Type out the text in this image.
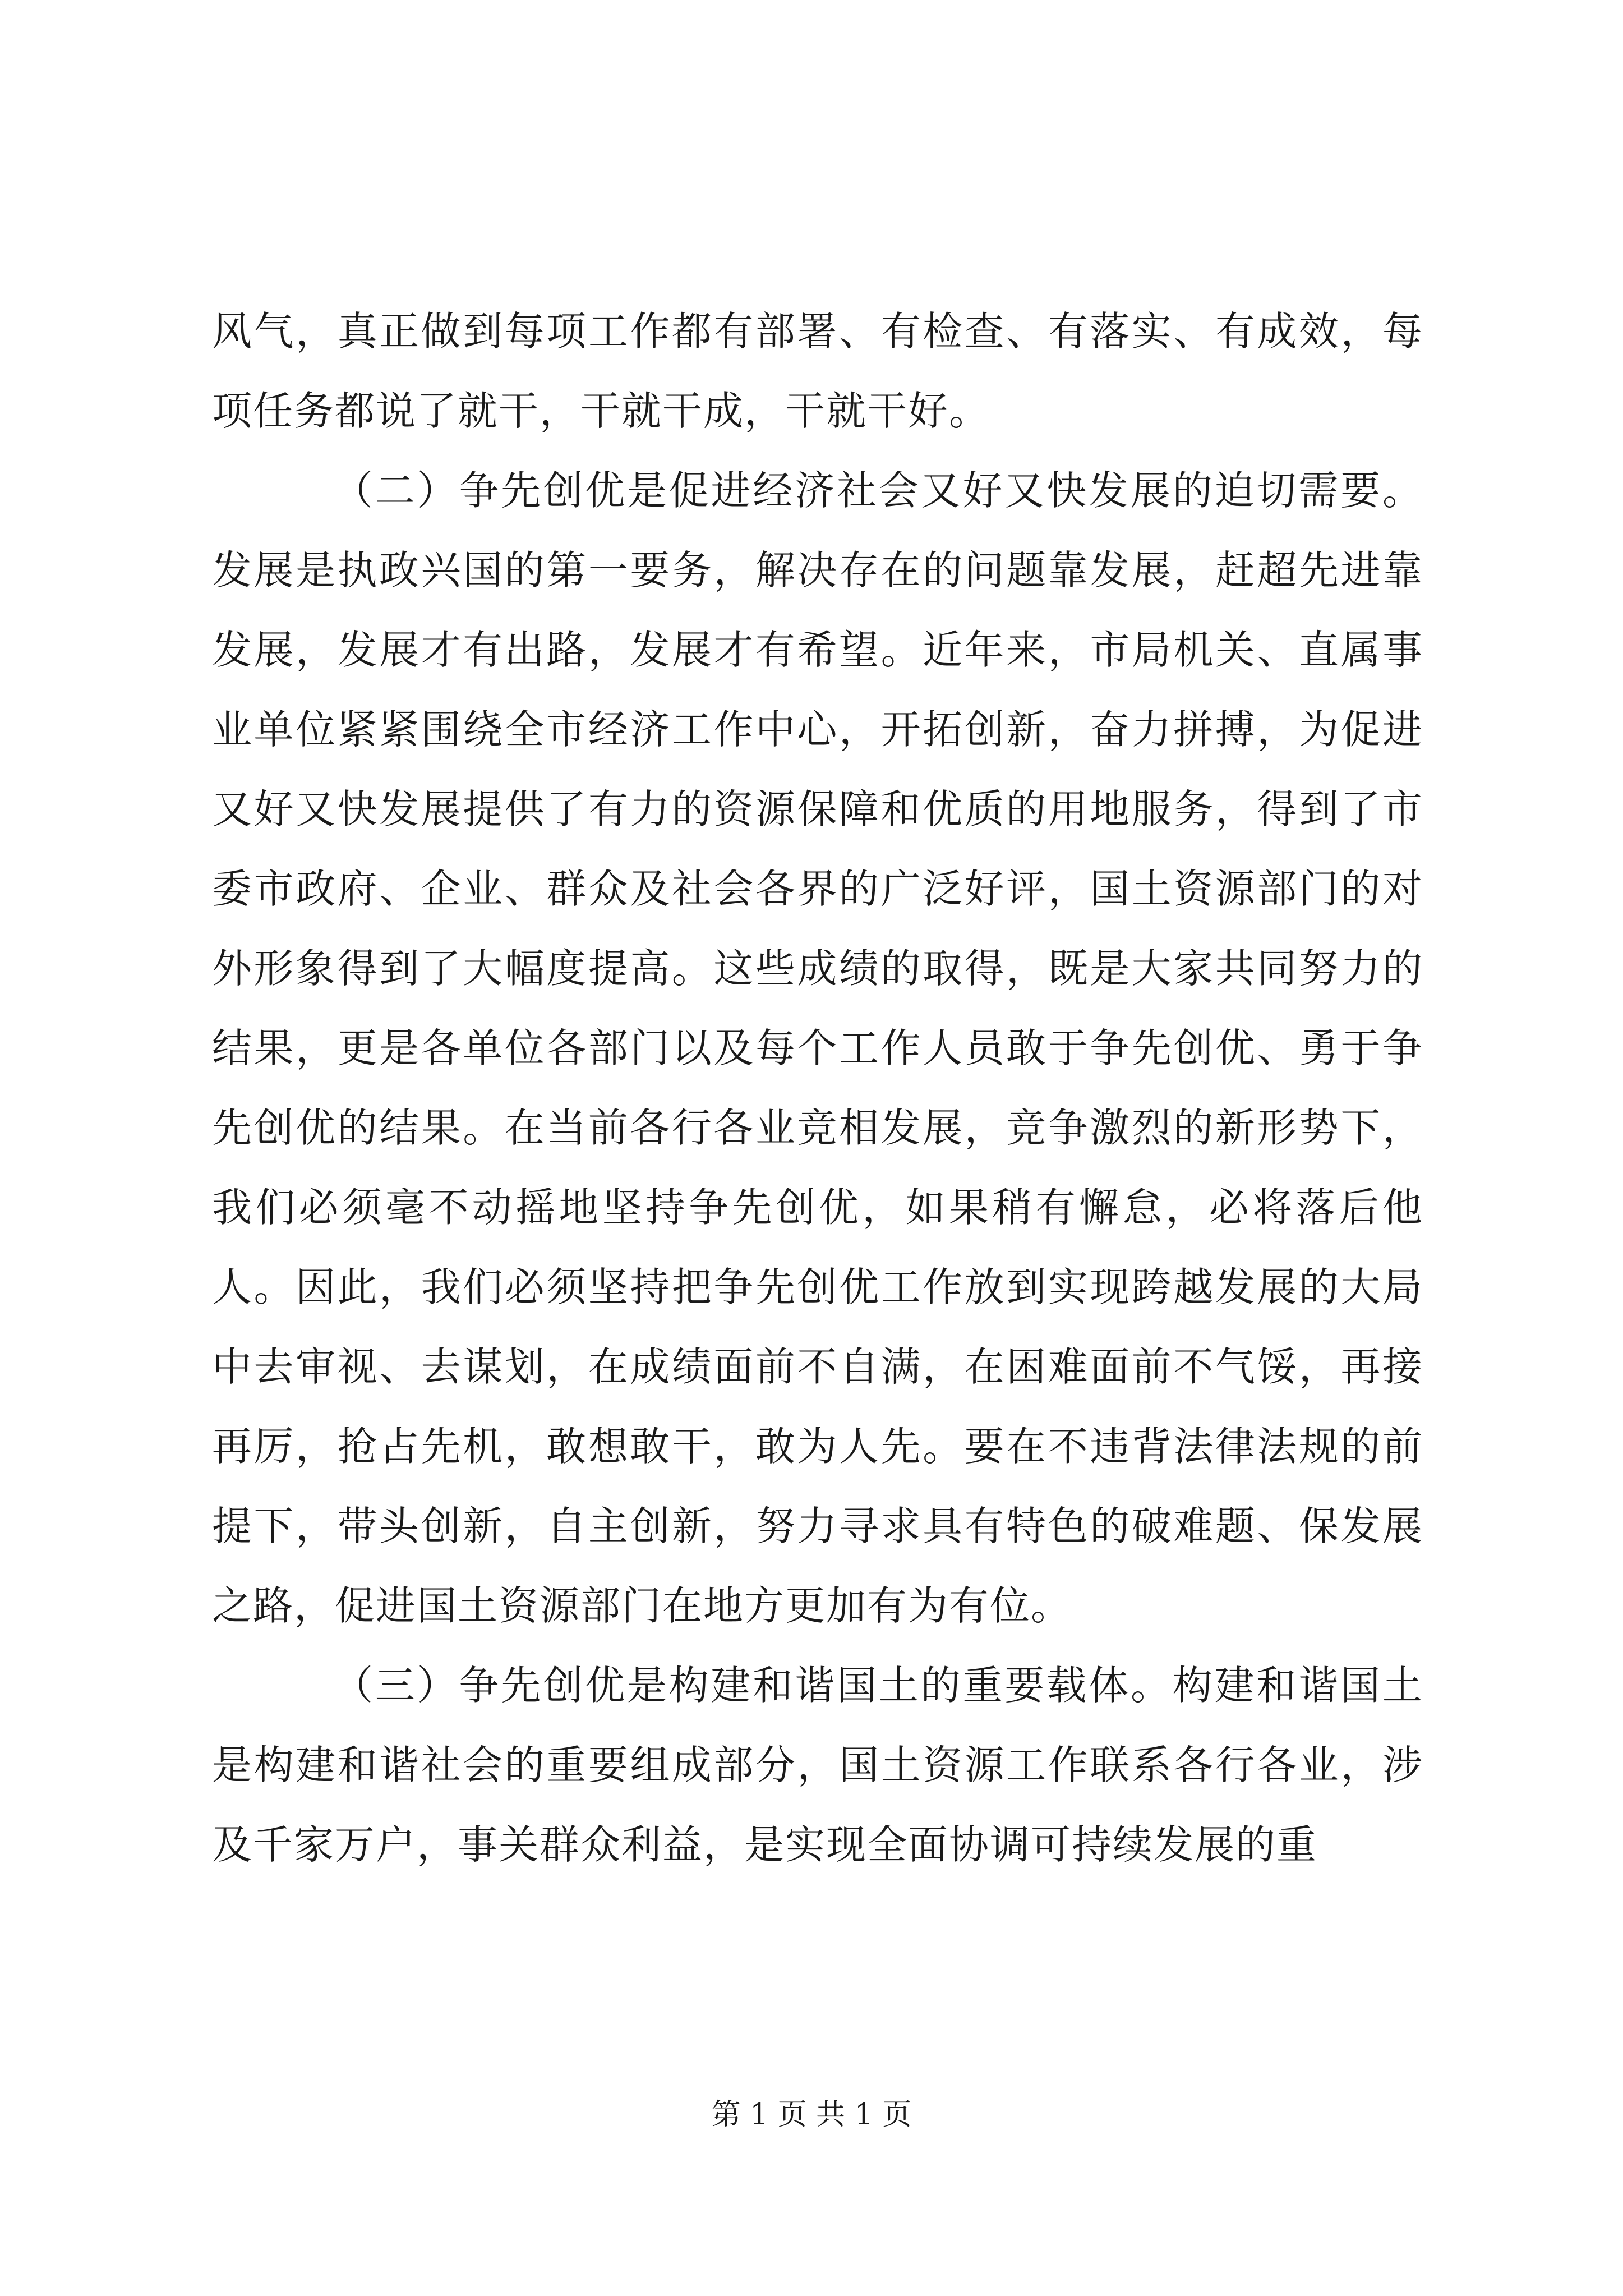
风气，真正做到每项工作都有部署、有检查、有落实、有成效，每项任务都说了就干，干就干成，干就干好。

（二）争先创优是促进经济社会又好又快发展的迫切需要。发展是执政兴国的第一要务，解决存在的问题靠发展，赶超先进靠发展，发展才有出路，发展才有希望。近年来，市局机关、直属事业单位紧紧围绕全市经济工作中心，开拓创新，奋力拼搏，为促进又好又快发展提供了有力的资源保障和优质的用地服务，得到了市委市政府、企业、群众及社会各界的广泛好评，国土资源部门的对外形象得到了大幅度提高。这些成绩的取得，既是大家共同努力的结果，更是各单位各部门以及每个工作人员敢于争先创优、勇于争先创优的结果。在当前各行各业竞相发展，竞争激烈的新形势下，我们必须毫不动摇地坚持争先创优，如果稍有懈怠，必将落后他人。因此，我们必须坚持把争先创优工作放到实现跨越发展的大局中去审视、去谋划，在成绩面前不自满，在困难面前不气馁，再接再厉，抢占先机，敢想敢干，敢为人先。要在不违背法律法规的前提下，带头创新，自主创新，努力寻求具有特色的破难题、保发展之路，促进国土资源部门在地方更加有为有位。

（三）争先创优是构建和谐国土的重要载体。构建和谐国土是构建和谐社会的重要组成部分，国土资源工作联系各行各业，涉及千家万户，事关群众利益，是实现全面协调可持续发展的重

第 1 页 共 1 页
